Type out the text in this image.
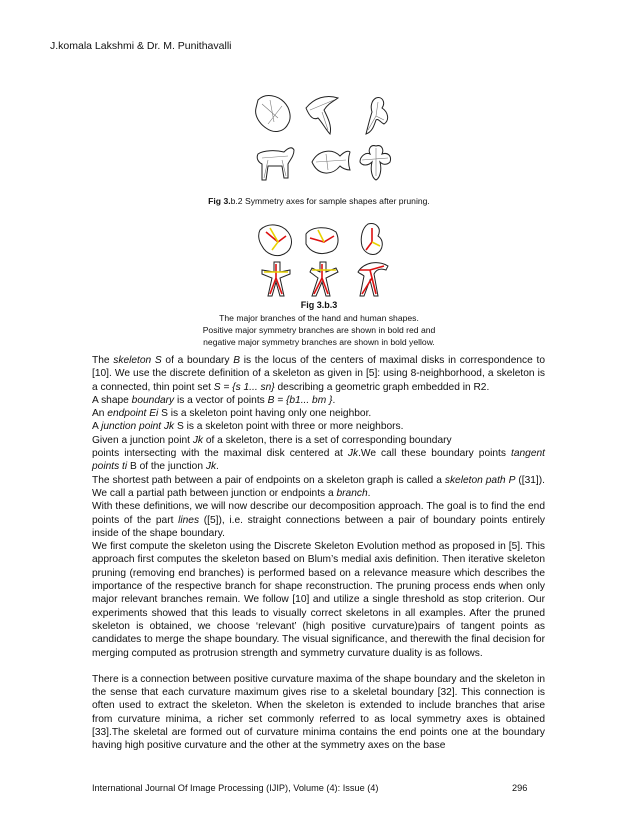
J.komala Lakshmi & Dr. M. Punithavalli
Fig 3.b.2 Symmetry axes for sample shapes after pruning.
Fig 3.b.3
The major branches of the hand and human shapes.
Positive major symmetry branches are shown in bold red and
negative major symmetry branches are shown in bold yellow.

The skeleton S of a boundary B is the locus of the centers of maximal disks in correspondence to [10]. We use the discrete definition of a skeleton as given in [5]: using 8-neighborhood, a skeleton is a connected, thin point set S = {s 1... sn} describing a geometric graph embedded in R2.

A shape boundary is a vector of points B = {b1... bm }.

An endpoint Ei S is a skeleton point having only one neighbor.

A junction point Jk S is a skeleton point with three or more neighbors.

Given a junction point Jk of a skeleton, there is a set of corresponding boundary

points intersecting with the maximal disk centered at Jk.We call these boundary points tangent points ti B of the junction Jk.

The shortest path between a pair of endpoints on a skeleton graph is called a skeleton path P ([31]). We call a partial path between junction or endpoints a branch.

With these definitions, we will now describe our decomposition approach. The goal is to find the end points of the part lines ([5]), i.e. straight connections between a pair of boundary points entirely inside of the shape boundary.

We first compute the skeleton using the Discrete Skeleton Evolution method as proposed in [5]. This approach first computes the skeleton based on Blum’s medial axis definition. Then iterative skeleton pruning (removing end branches) is performed based on a relevance measure which describes the importance of the respective branch for shape reconstruction. The pruning process ends when only major relevant branches remain. We follow [10] and utilize a single threshold as stop criterion. Our experiments showed that this leads to visually correct skeletons in all examples. After the pruned skeleton is obtained, we choose ‘relevant’ (high positive curvature)pairs of tangent points as candidates to merge the shape boundary. The visual significance, and therewith the final decision for merging computed as protrusion strength and symmetry curvature duality is as follows.

There is a connection between positive curvature maxima of the shape boundary and the skeleton in the sense that each curvature maximum gives rise to a skeletal boundary [32]. This connection is often used to extract the skeleton. When the skeleton is extended to include branches that arise from curvature minima, a richer set commonly referred to as local symmetry axes is obtained [33].The skeletal are formed out of curvature minima contains the end points one at the boundary having high positive curvature and the other at the symmetry axes on the base

International Journal Of Image Processing (IJIP), Volume (4): Issue (4)	296
